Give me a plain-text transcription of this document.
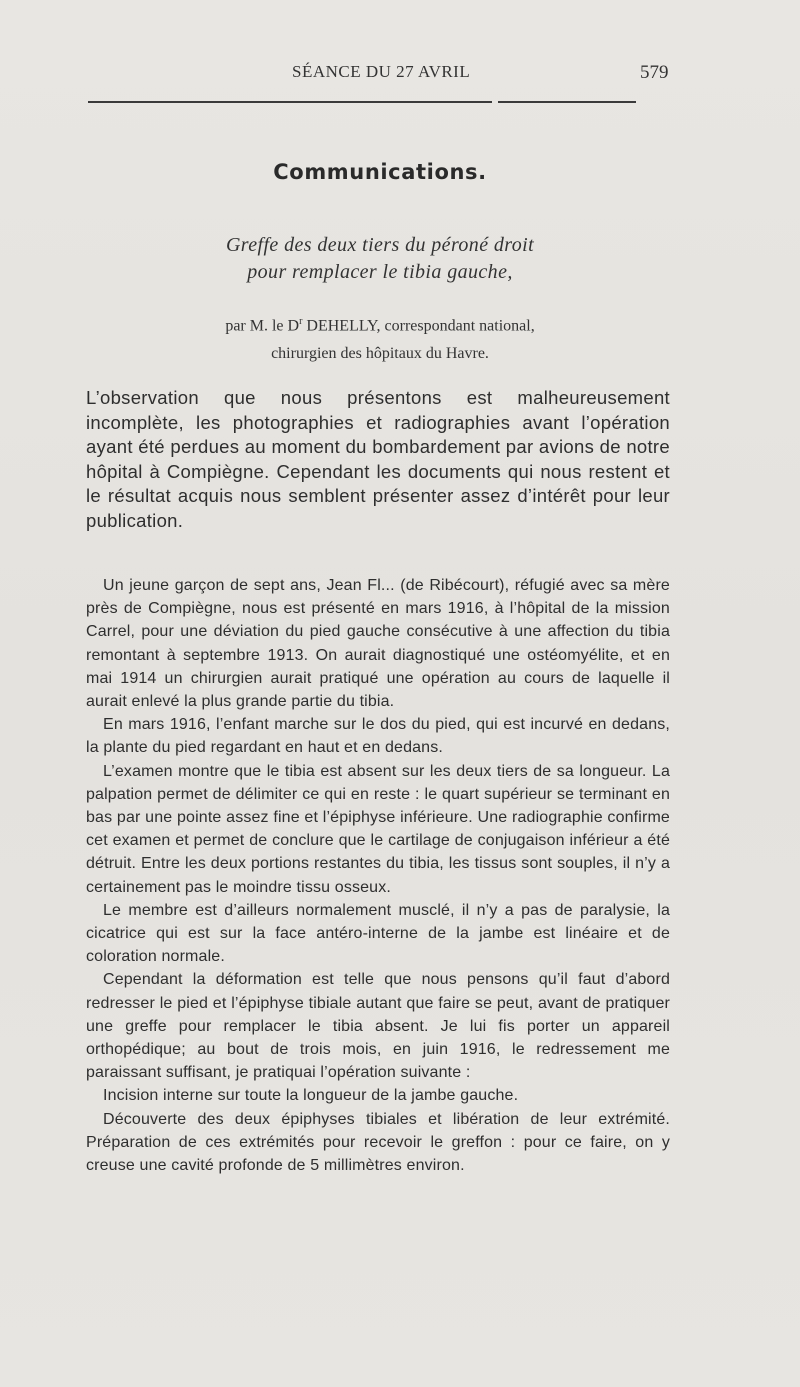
SÉANCE DU 27 AVRIL	579
Communications.
Greffe des deux tiers du péroné droit
pour remplacer le tibia gauche,
par M. le $D^r$ DEHELLY, correspondant national,
chirurgien des hôpitaux du Havre.

L’observation que nous présentons est malheureusement incomplète, les photographies et radiographies avant l’opération ayant été perdues au moment du bombardement par avions de notre hôpital à Compiègne. Cependant les documents qui nous restent et le résultat acquis nous semblent présenter assez d’intérêt pour leur publication.

Un jeune garçon de sept ans, Jean Fl... (de Ribécourt), réfugié avec sa mère près de Compiègne, nous est présenté en mars 1916, à l’hôpital de la mission Carrel, pour une déviation du pied gauche consécutive à une affection du tibia remontant à septembre 1913. On aurait diagnostiqué une ostéomyélite, et en mai 1914 un chirurgien aurait pratiqué une opération au cours de laquelle il aurait enlevé la plus grande partie du tibia.

En mars 1916, l’enfant marche sur le dos du pied, qui est incurvé en dedans, la plante du pied regardant en haut et en dedans.

L’examen montre que le tibia est absent sur les deux tiers de sa longueur. La palpation permet de délimiter ce qui en reste : le quart supérieur se terminant en bas par une pointe assez fine et l’épiphyse inférieure. Une radiographie confirme cet examen et permet de conclure que le cartilage de conjugaison inférieur a été détruit. Entre les deux portions restantes du tibia, les tissus sont souples, il n’y a certainement pas le moindre tissu osseux.

Le membre est d’ailleurs normalement musclé, il n’y a pas de paralysie, la cicatrice qui est sur la face antéro-interne de la jambe est linéaire et de coloration normale.

Cependant la déformation est telle que nous pensons qu’il faut d’abord redresser le pied et l’épiphyse tibiale autant que faire se peut, avant de pratiquer une greffe pour remplacer le tibia absent. Je lui fis porter un appareil orthopédique; au bout de trois mois, en juin 1916, le redressement me paraissant suffisant, je pratiquai l’opération suivante :

Incision interne sur toute la longueur de la jambe gauche.

Découverte des deux épiphyses tibiales et libération de leur extrémité. Préparation de ces extrémités pour recevoir le greffon : pour ce faire, on y creuse une cavité profonde de 5 millimètres environ.
